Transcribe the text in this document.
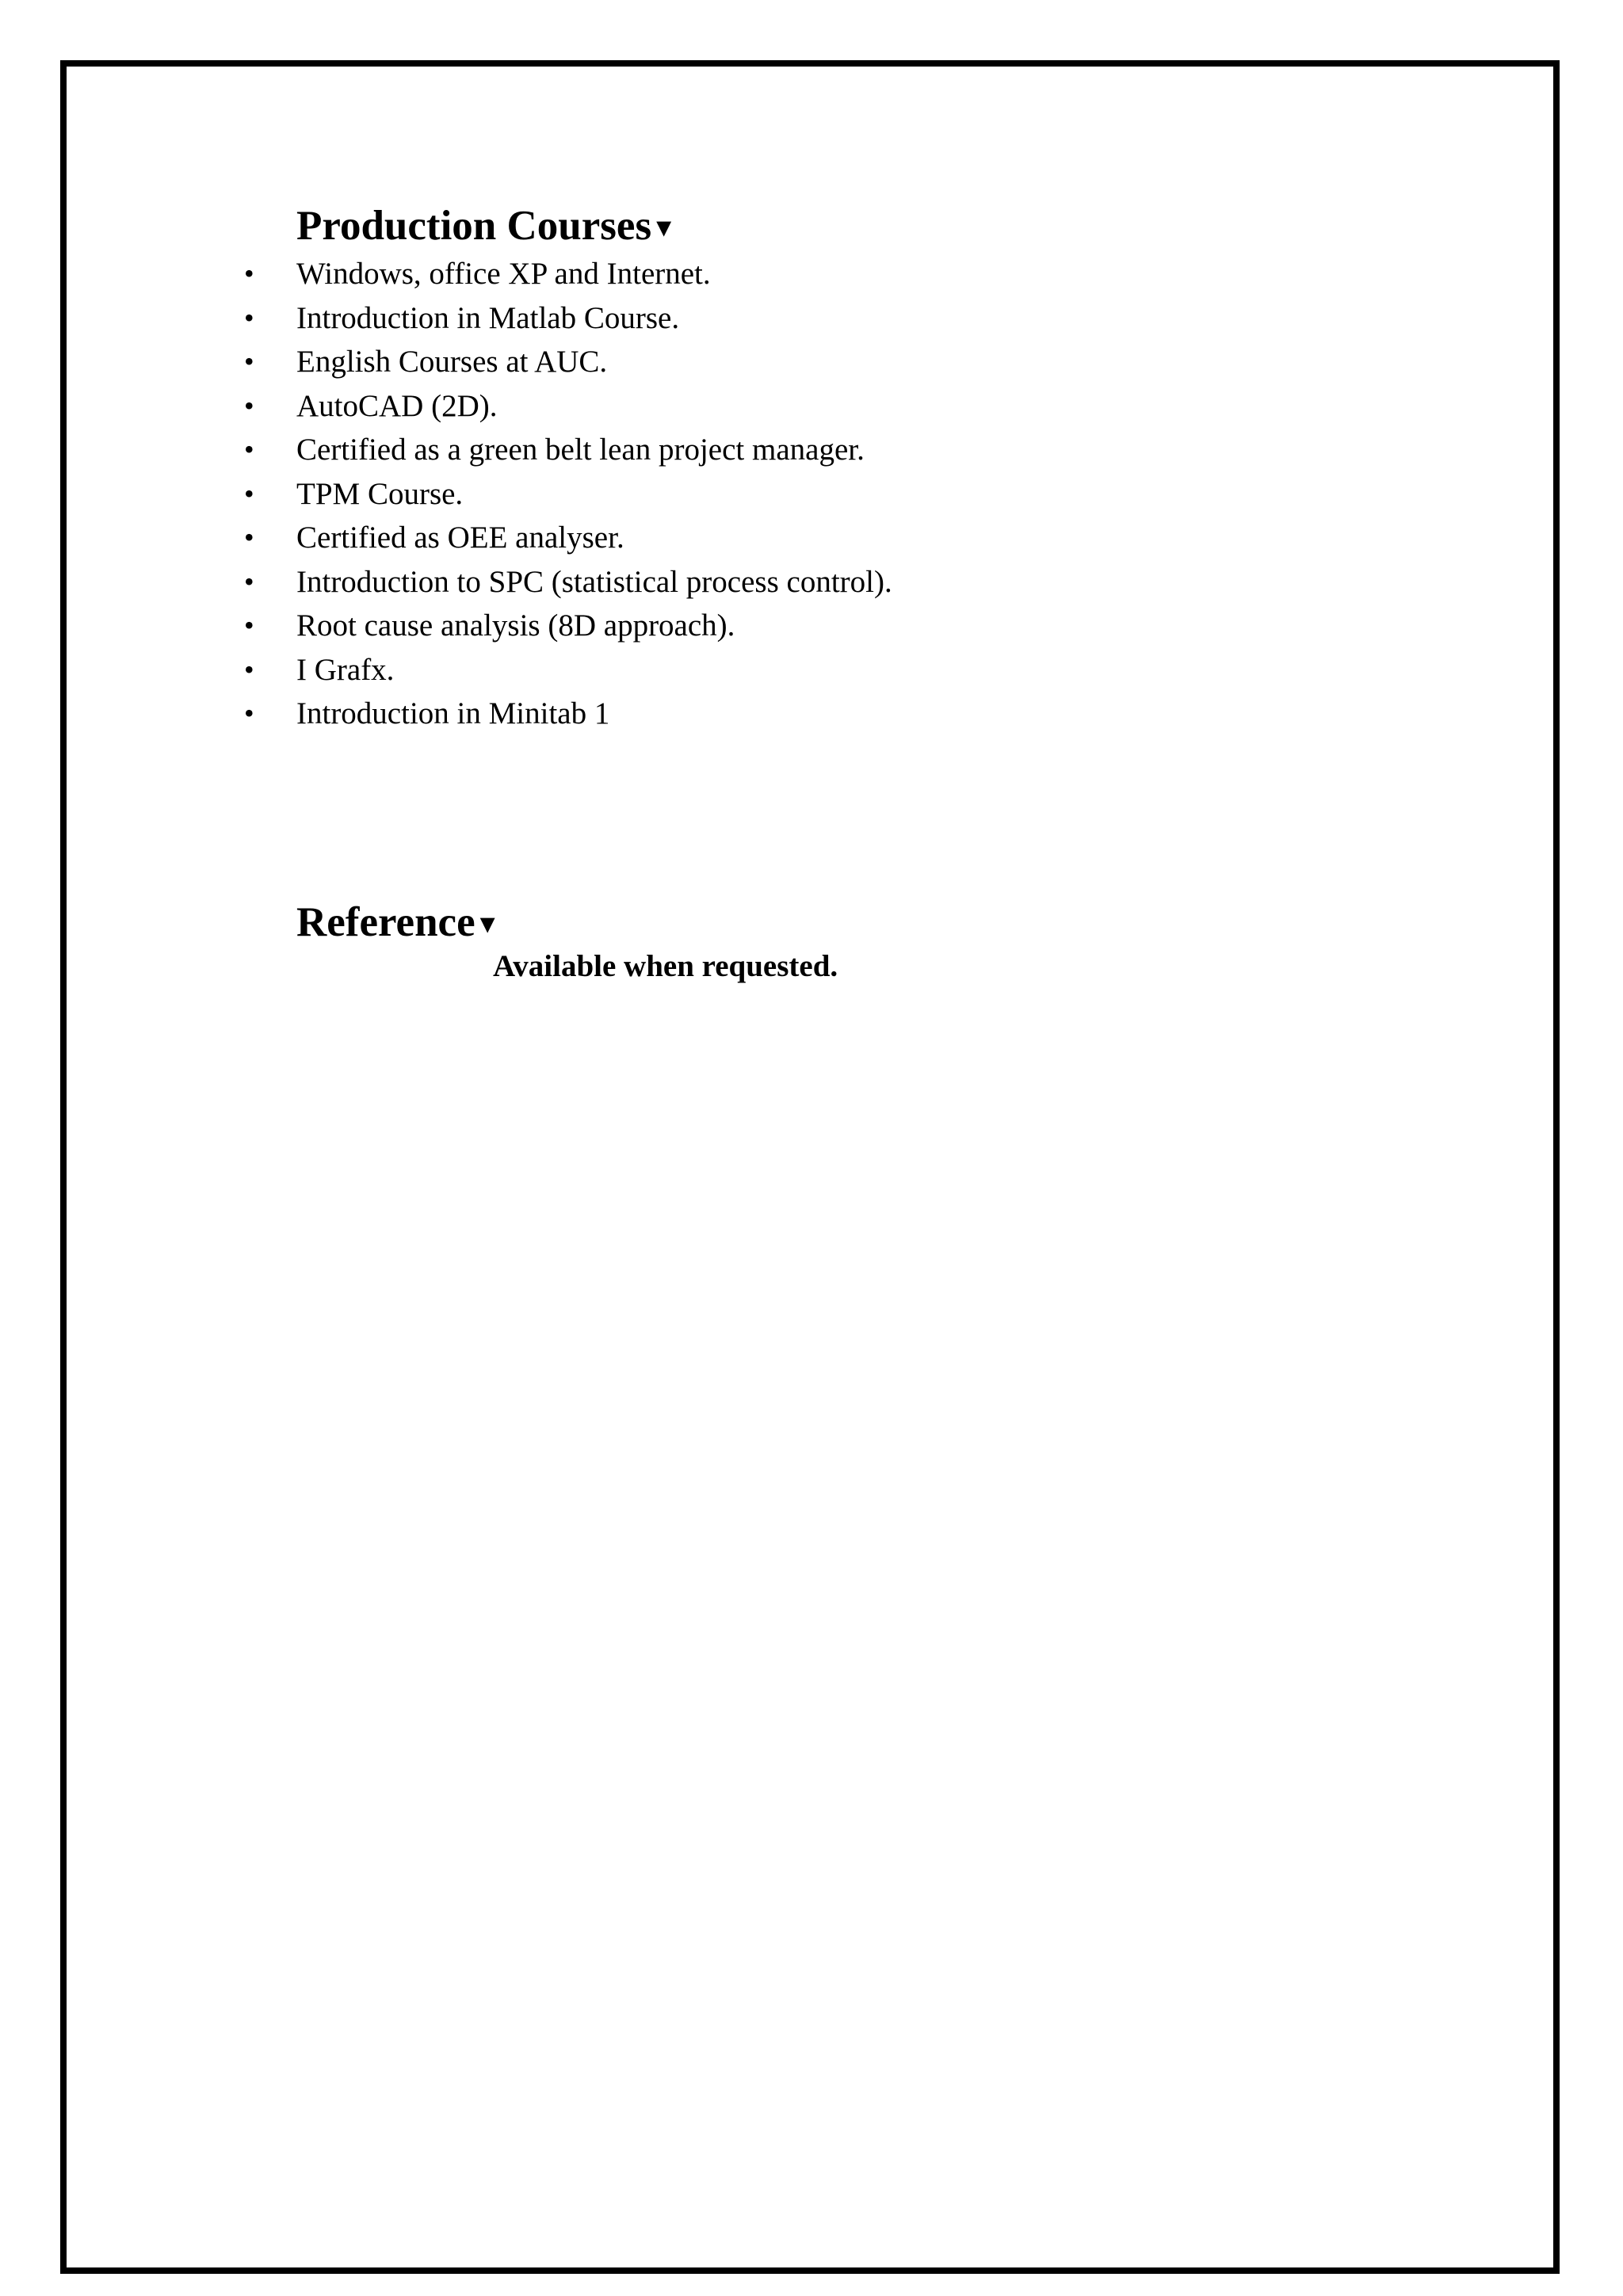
Production Courses ▾
• Windows, office XP and Internet.
• Introduction in Matlab Course.
• English Courses at AUC.
• AutoCAD (2D).
• Certified as a green belt lean project manager.
• TPM Course.
• Certified as OEE analyser.
• Introduction to SPC (statistical process control).
• Root cause analysis (8D approach).
• I Grafx.
• Introduction in Minitab 1
Reference ▾
Available when requested.
